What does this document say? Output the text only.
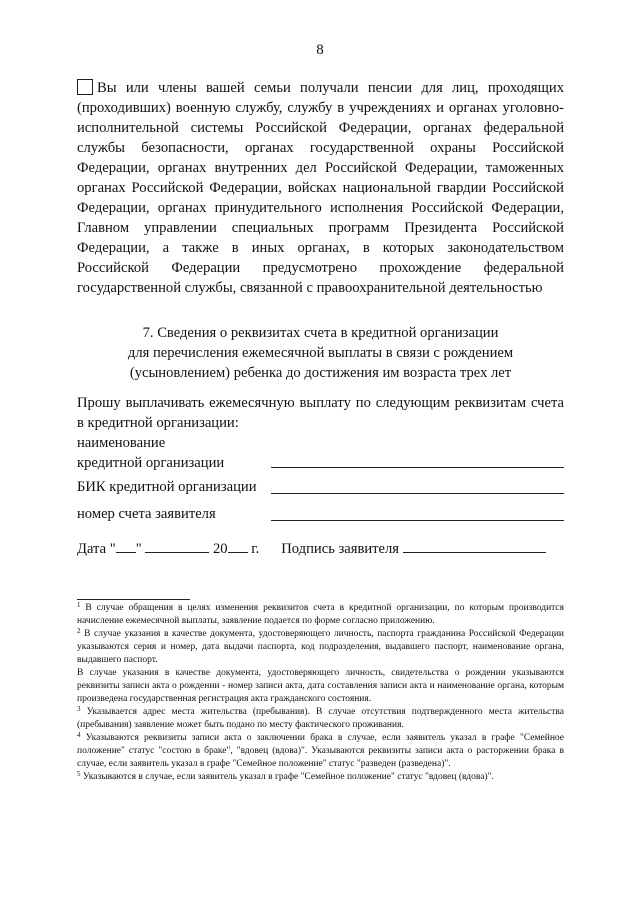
8
Вы или члены вашей семьи получали пенсии для лиц, проходящих (проходивших) военную службу, службу в учреждениях и органах уголовно-исполнительной системы Российской Федерации, органах федеральной службы безопасности, органах государственной охраны Российской Федерации, органах внутренних дел Российской Федерации, таможенных органах Российской Федерации, войсках национальной гвардии Российской Федерации, органах принудительного исполнения Российской Федерации, Главном управлении специальных программ Президента Российской Федерации, а также в иных органах, в которых законодательством Российской Федерации предусмотрено прохождение федеральной государственной службы, связанной с правоохранительной деятельностью
7. Сведения о реквизитах счета в кредитной организации
для перечисления ежемесячной выплаты в связи с рождением
(усыновлением) ребенка до достижения им возраста трех лет
Прошу выплачивать ежемесячную выплату по следующим реквизитам счета в кредитной организации:
наименование
кредитной организации
БИК кредитной организации
номер счета заявителя
Дата " "	20 г. Подпись заявителя

$^1$ В случае обращения в целях изменения реквизитов счета в кредитной организации, по которым производится начисление ежемесячной выплаты, заявление подается по форме согласно приложению.

$^2$ В случае указания в качестве документа, удостоверяющего личность, паспорта гражданина Российской Федерации указываются серия и номер, дата выдачи паспорта, код подразделения, выдавшего паспорт, наименование органа, выдавшего паспорт.

В случае указания в качестве документа, удостоверяющего личность, свидетельства о рождении указываются реквизиты записи акта о рождении - номер записи акта, дата составления записи акта и наименование органа, которым произведена государственная регистрация акта гражданского состояния.

$^3$ Указывается адрес места жительства (пребывания). В случае отсутствия подтвержденного места жительства (пребывания) заявление может быть подано по месту фактического проживания.

$^4$ Указываются реквизиты записи акта о заключении брака в случае, если заявитель указал в графе "Семейное положение" статус "состою в браке", "вдовец (вдова)". Указываются реквизиты записи акта о расторжении брака в случае, если заявитель указал в графе "Семейное положение" статус "разведен (разведена)".

$^5$ Указываются в случае, если заявитель указал в графе "Семейное положение" статус "вдовец (вдова)".
